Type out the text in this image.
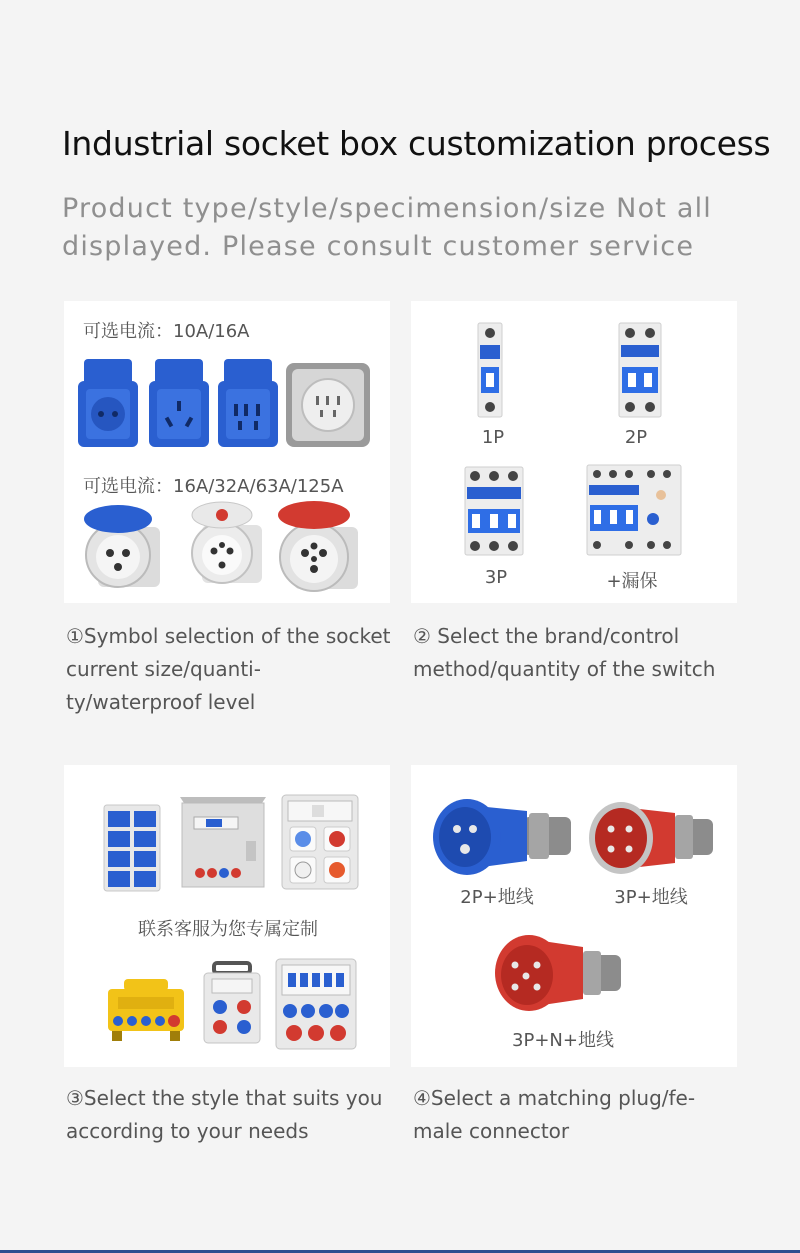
Industrial socket box customization process
Product type/style/specimension/size Not all displayed. Please consult customer service
可选电流：10A/16A
可选电流：16A/32A/63A/125A
①Symbol selection of the socket current size/quanti-ty/waterproof level
1P	2P
3P	+漏保
② Select the brand/control method/quantity of the switch
联系客服为您专属定制
③Select the style that suits you according to your needs
2P+地线	3P+地线
3P+N+地线
④Select a matching plug/fe-male connector
